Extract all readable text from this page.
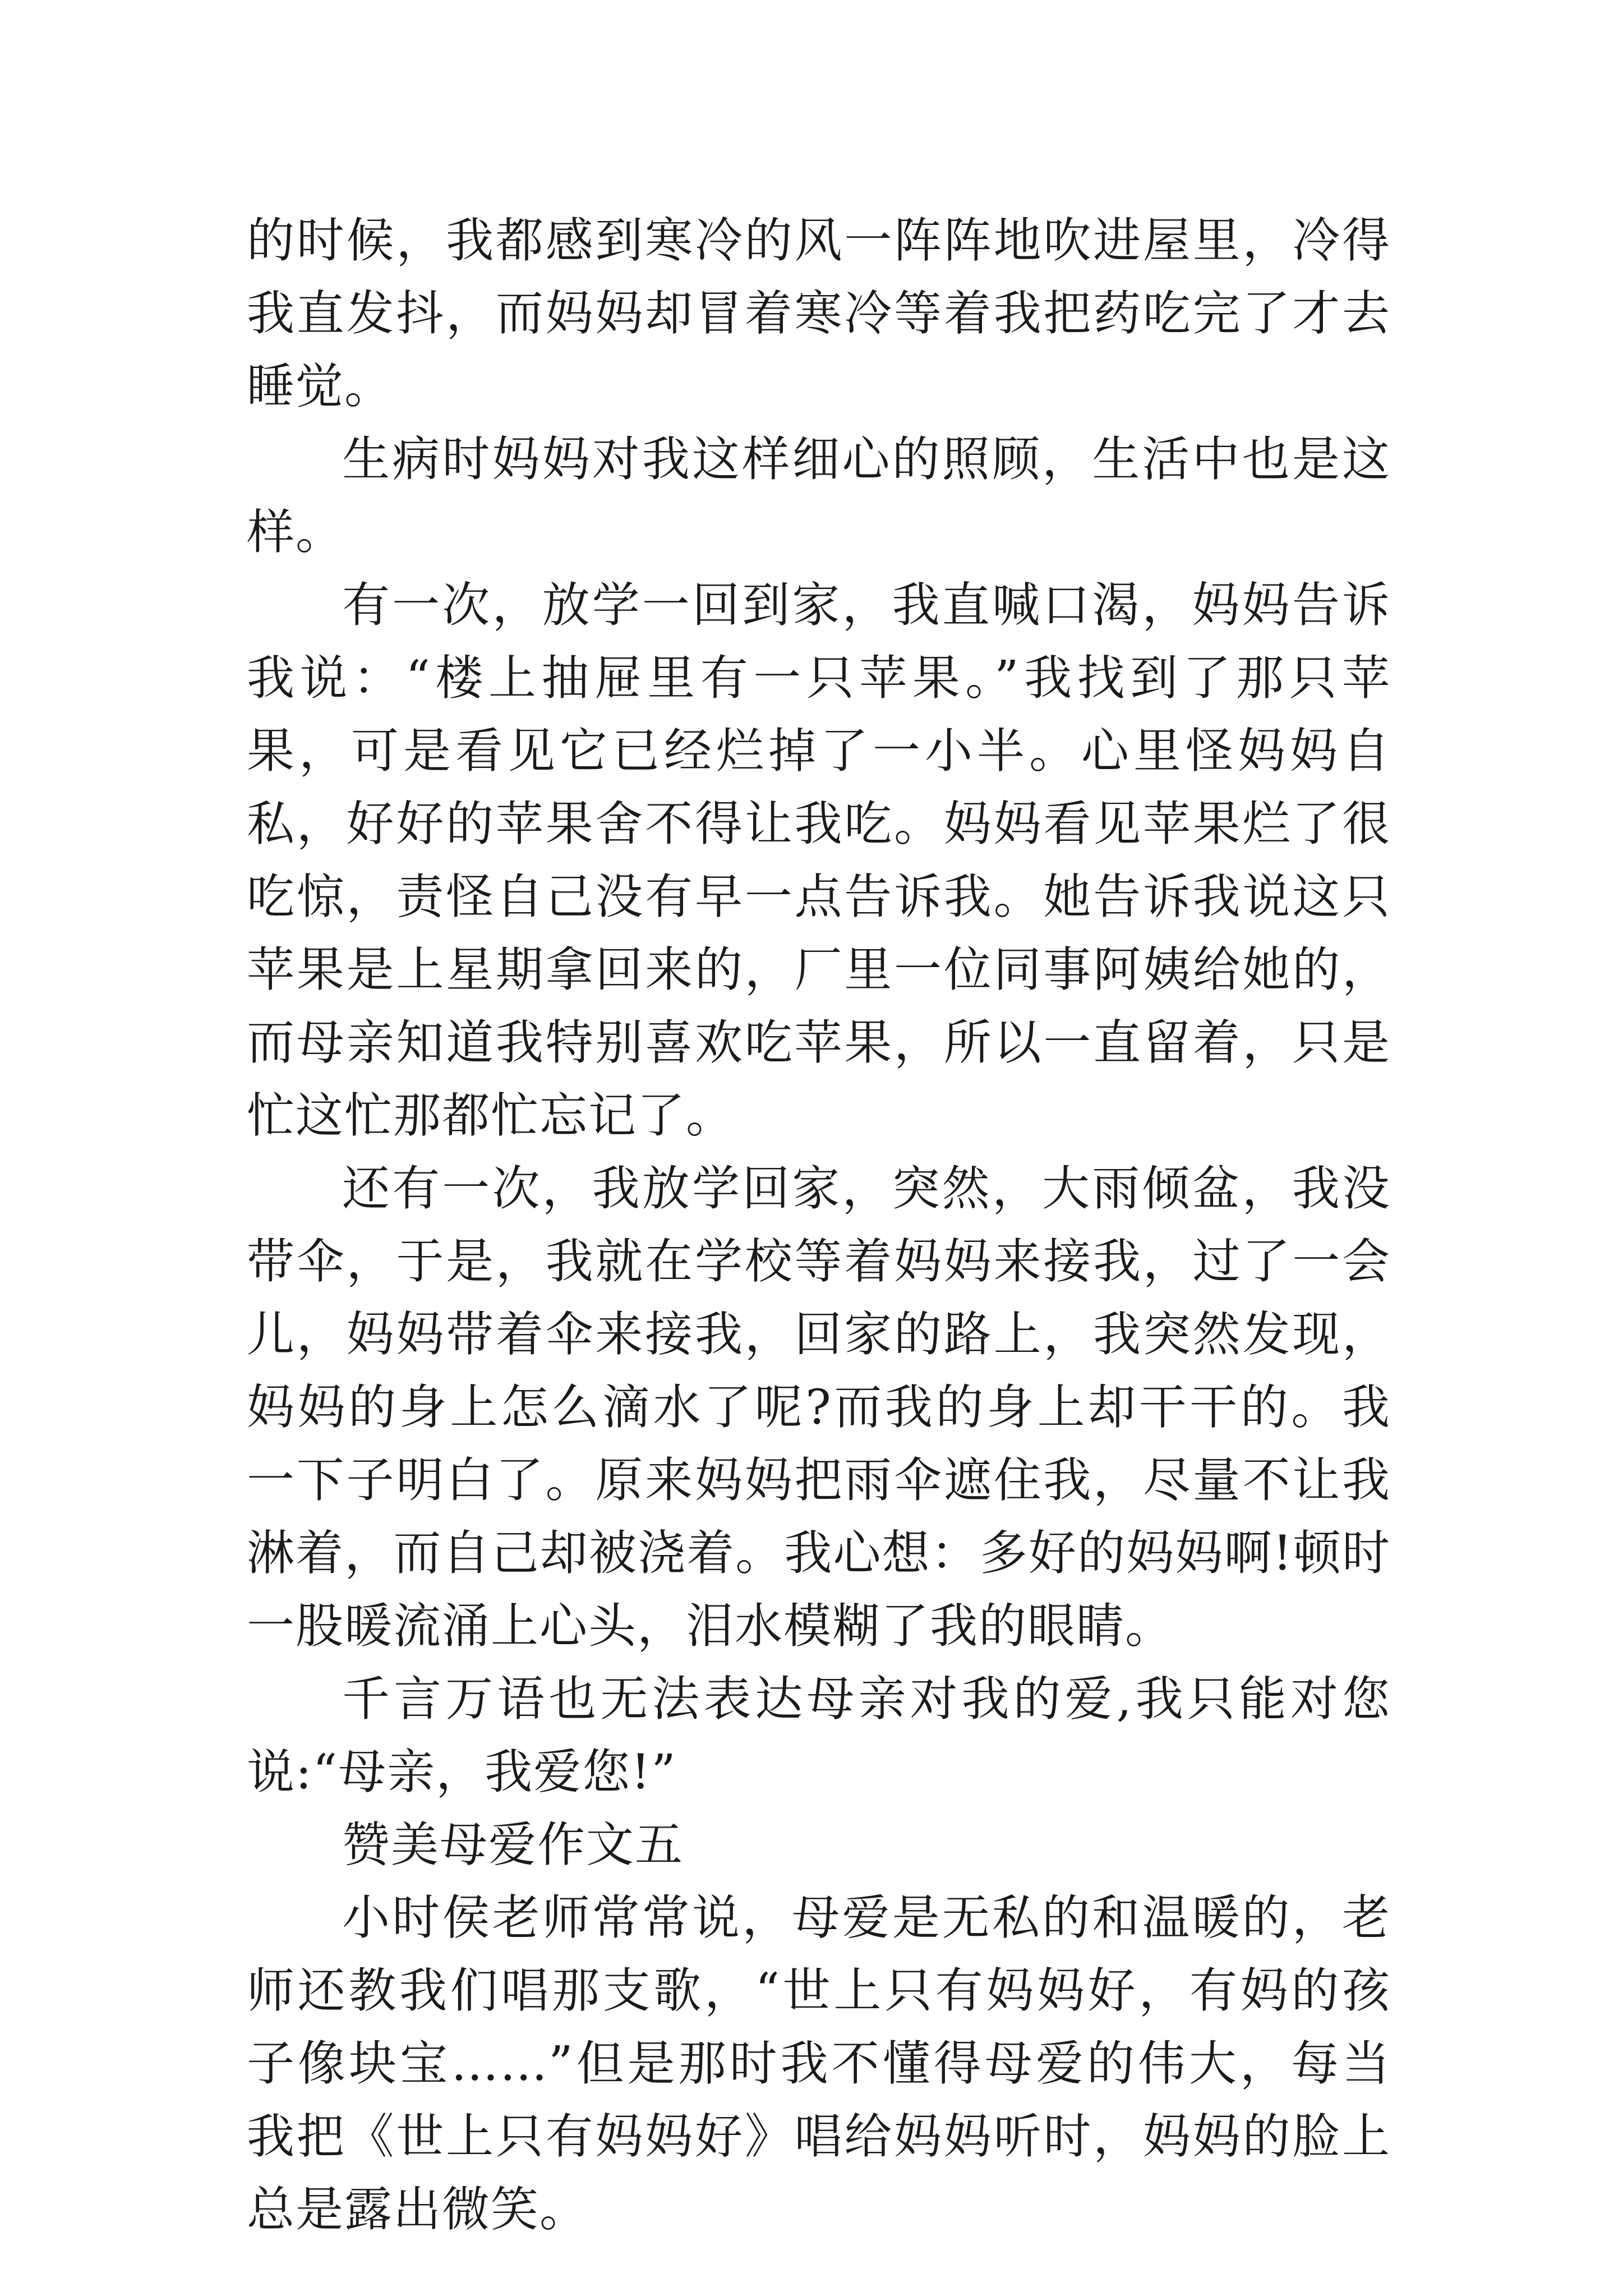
的时候，我都感到寒冷的风一阵阵地吹进屋里，冷得我直发抖，而妈妈却冒着寒冷等着我把药吃完了才去睡觉。

生病时妈妈对我这样细心的照顾，生活中也是这样。

有一次，放学一回到家，我直喊口渴，妈妈告诉我说：“楼上抽屉里有一只苹果。”我找到了那只苹果，可是看见它已经烂掉了一小半。心里怪妈妈自私，好好的苹果舍不得让我吃。妈妈看见苹果烂了很吃惊，责怪自己没有早一点告诉我。她告诉我说这只苹果是上星期拿回来的，厂里一位同事阿姨给她的，而母亲知道我特别喜欢吃苹果，所以一直留着，只是忙这忙那都忙忘记了。

还有一次，我放学回家，突然，大雨倾盆，我没带伞，于是，我就在学校等着妈妈来接我，过了一会儿，妈妈带着伞来接我，回家的路上，我突然发现，妈妈的身上怎么滴水了呢?而我的身上却干干的。我一下子明白了。原来妈妈把雨伞遮住我，尽量不让我淋着，而自己却被浇着。我心想：多好的妈妈啊!顿时一股暖流涌上心头，泪水模糊了我的眼睛。

千言万语也无法表达母亲对我的爱,我只能对您说:“母亲，我爱您!”

赞美母爱作文五

小时侯老师常常说，母爱是无私的和温暖的，老师还教我们唱那支歌，“世上只有妈妈好，有妈的孩子像块宝……”但是那时我不懂得母爱的伟大，每当我把《世上只有妈妈好》唱给妈妈听时，妈妈的脸上总是露出微笑。
